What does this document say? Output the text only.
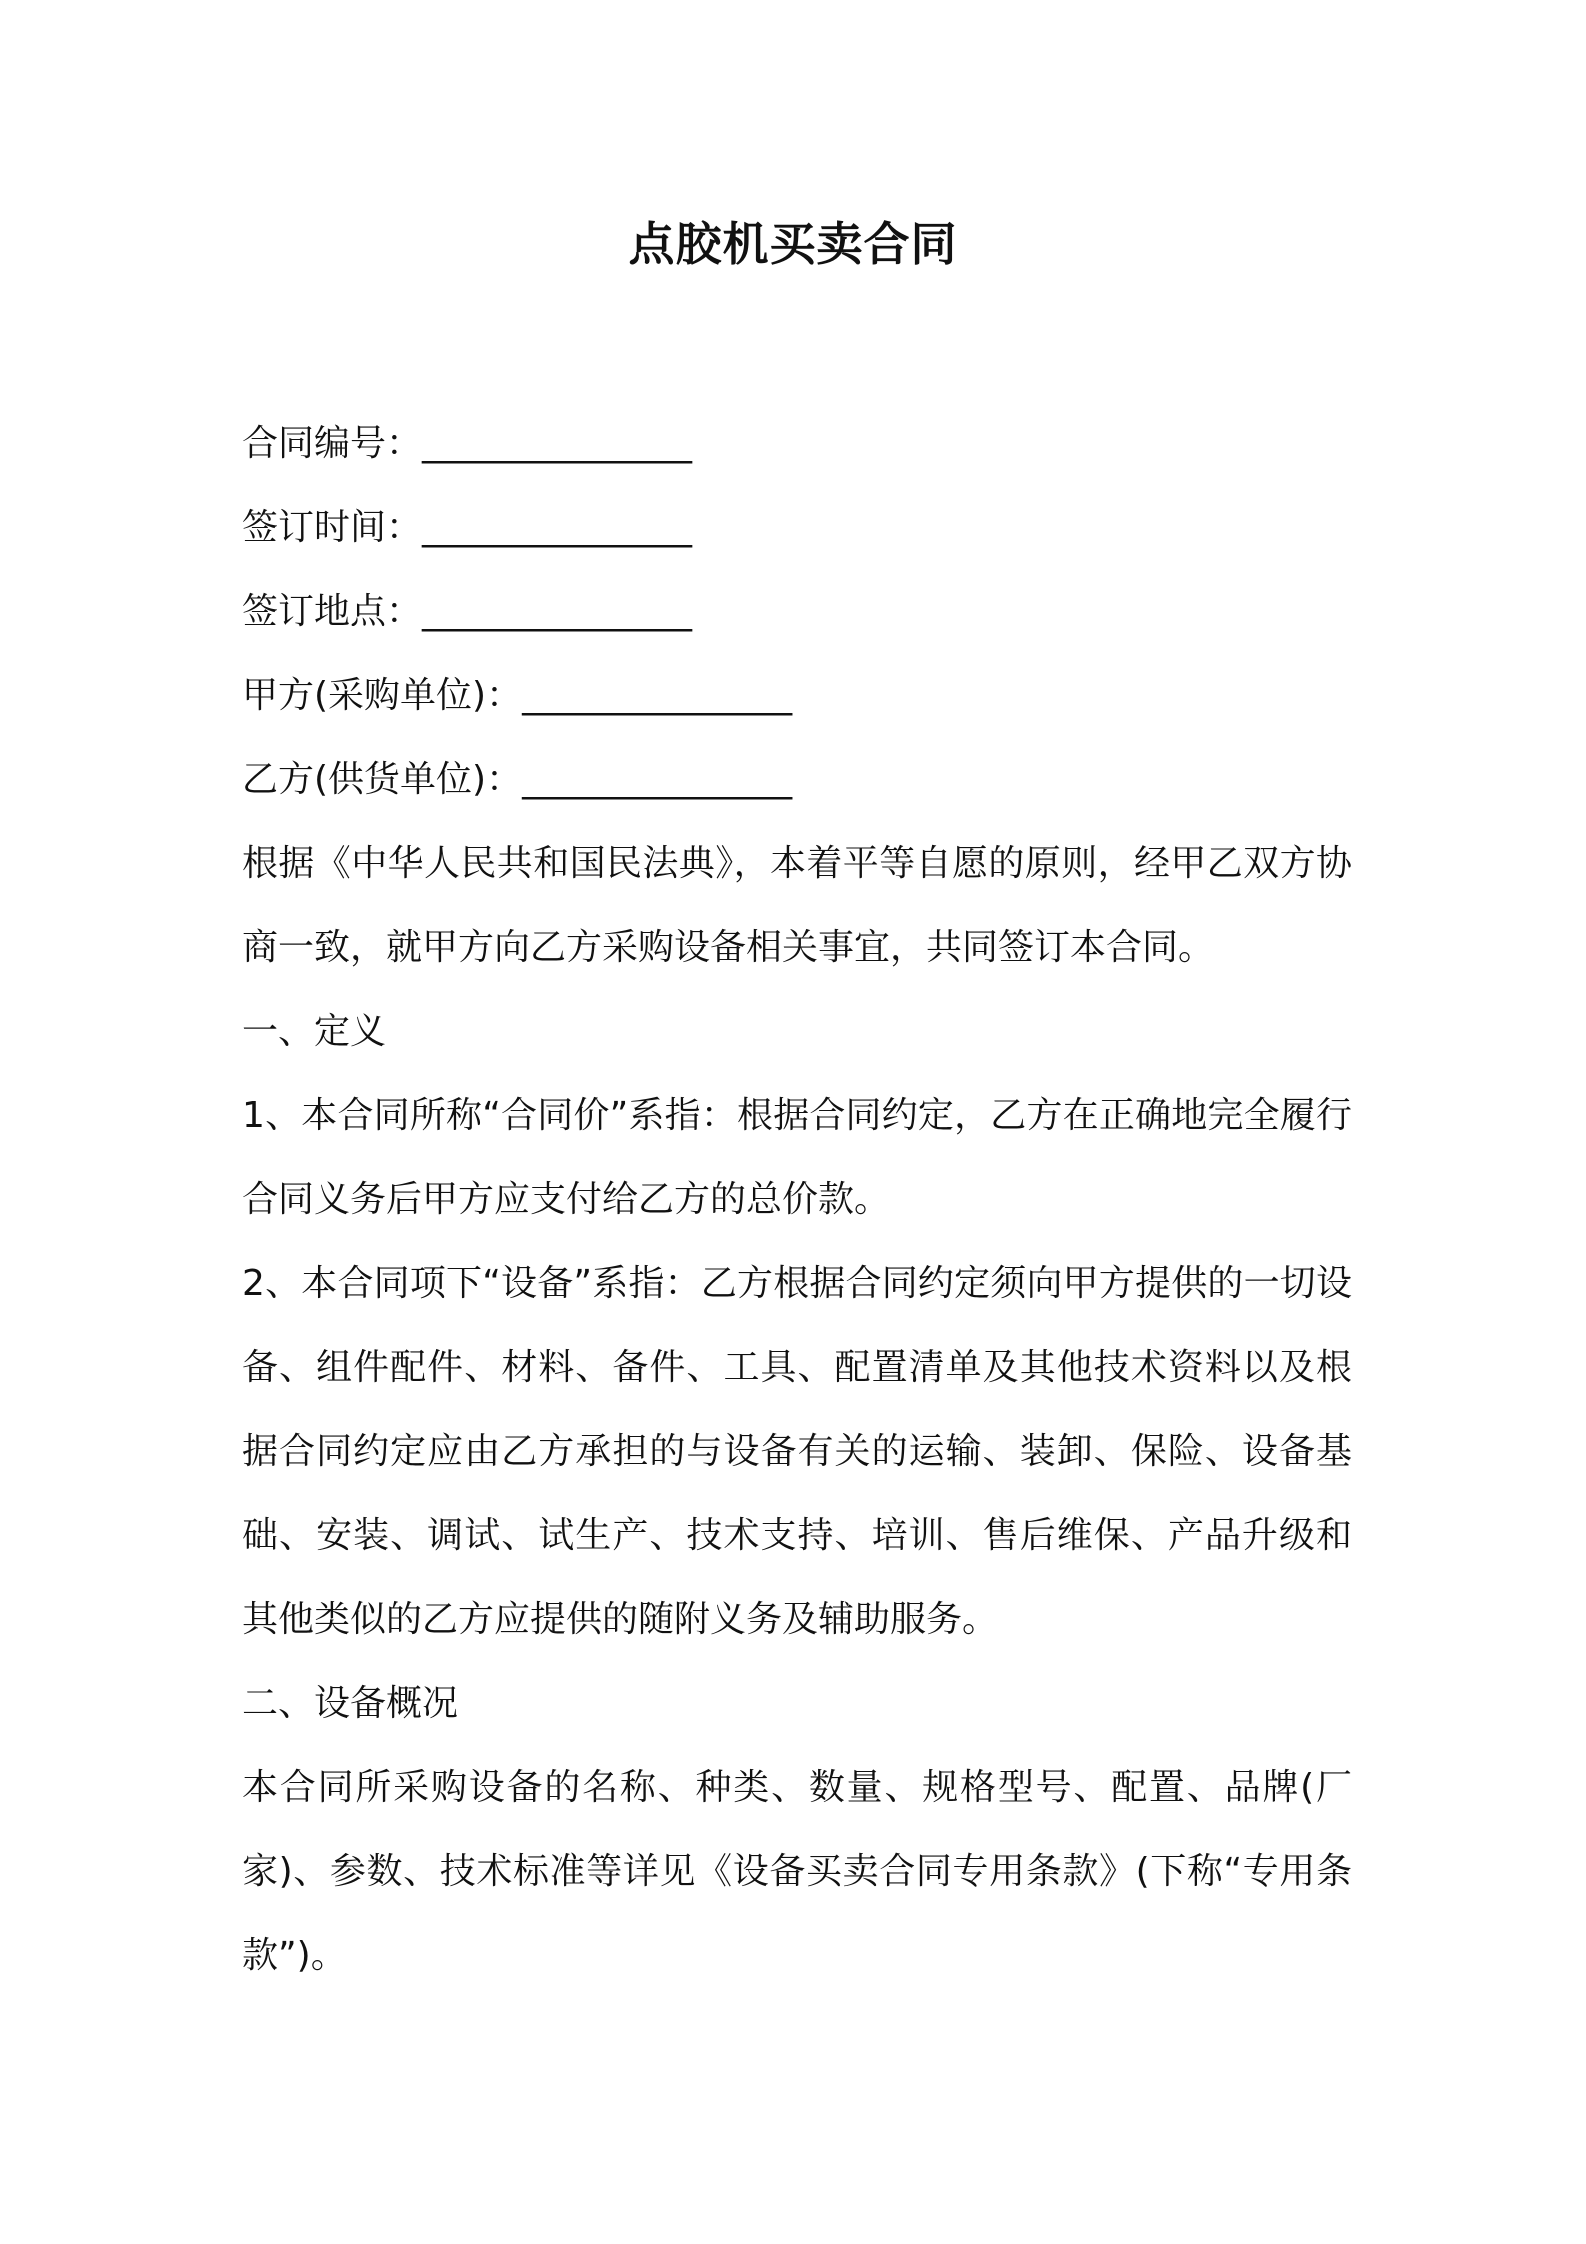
点胶机买卖合同
合同编号：_______________
签订时间：_______________
签订地点：_______________
甲方(采购单位)：_______________
乙方(供货单位)：_______________
根据《中华人民共和国民法典》，本着平等自愿的原则，经甲乙双方协商一致，就甲方向乙方采购设备相关事宜，共同签订本合同。
一、定义
1、本合同所称“合同价”系指：根据合同约定，乙方在正确地完全履行合同义务后甲方应支付给乙方的总价款。
2、本合同项下“设备”系指：乙方根据合同约定须向甲方提供的一切设备、组件配件、材料、备件、工具、配置清单及其他技术资料以及根据合同约定应由乙方承担的与设备有关的运输、装卸、保险、设备基础、安装、调试、试生产、技术支持、培训、售后维保、产品升级和其他类似的乙方应提供的随附义务及辅助服务。
二、设备概况
本合同所采购设备的名称、种类、数量、规格型号、配置、品牌(厂家)、参数、技术标准等详见《设备买卖合同专用条款》(下称“专用条款”)。
